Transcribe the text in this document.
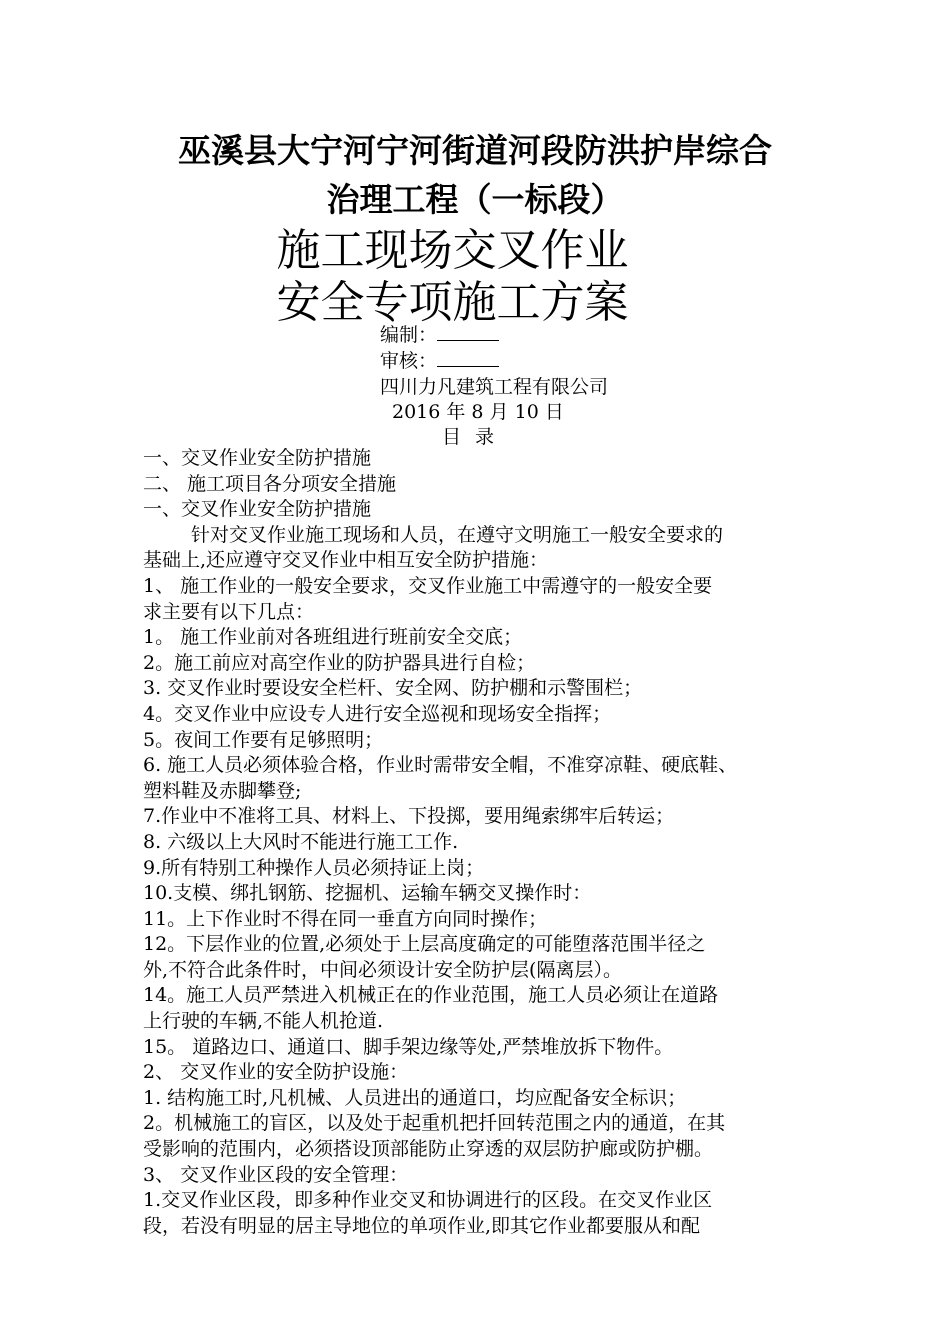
巫溪县大宁河宁河街道河段防洪护岸综合
治理工程（一标段）
施工现场交叉作业
安全专项施工方案
编制：
审核：
四川力凡建筑工程有限公司
2016 年 8 月 10 日
目录

一、交叉作业安全防护措施

二、 施工项目各分项安全措施

一、交叉作业安全防护措施

针对交叉作业施工现场和人员，在遵守文明施工一般安全要求的

基础上,还应遵守交叉作业中相互安全防护措施：

1、 施工作业的一般安全要求，交叉作业施工中需遵守的一般安全要

求主要有以下几点：

1。 施工作业前对各班组进行班前安全交底；

2。施工前应对高空作业的防护器具进行自检；

3. 交叉作业时要设安全栏杆、安全网、防护棚和示警围栏；

4。交叉作业中应设专人进行安全巡视和现场安全指挥；

5。夜间工作要有足够照明；

6. 施工人员必须体验合格，作业时需带安全帽，不准穿凉鞋、硬底鞋、

塑料鞋及赤脚攀登;

7.作业中不准将工具、材料上、下投掷，要用绳索绑牢后转运；

8. 六级以上大风时不能进行施工工作.

9.所有特别工种操作人员必须持证上岗；

10.支模、绑扎钢筋、挖掘机、运输车辆交叉操作时：

11。上下作业时不得在同一垂直方向同时操作；

12。下层作业的位置,必须处于上层高度确定的可能堕落范围半径之

外,不符合此条件时，中间必须设计安全防护层(隔离层）。

14。施工人员严禁进入机械正在的作业范围，施工人员必须让在道路

上行驶的车辆,不能人机抢道.

15。 道路边口、通道口、脚手架边缘等处,严禁堆放拆下物件。

2、 交叉作业的安全防护设施：

1. 结构施工时,凡机械、人员进出的通道口，均应配备安全标识；

2。机械施工的盲区，以及处于起重机把扦回转范围之内的通道，在其

受影响的范围内，必须搭设顶部能防止穿透的双层防护廊或防护棚。

3、 交叉作业区段的安全管理：

1.交叉作业区段，即多种作业交叉和协调进行的区段。在交叉作业区

段，若没有明显的居主导地位的单项作业,即其它作业都要服从和配
